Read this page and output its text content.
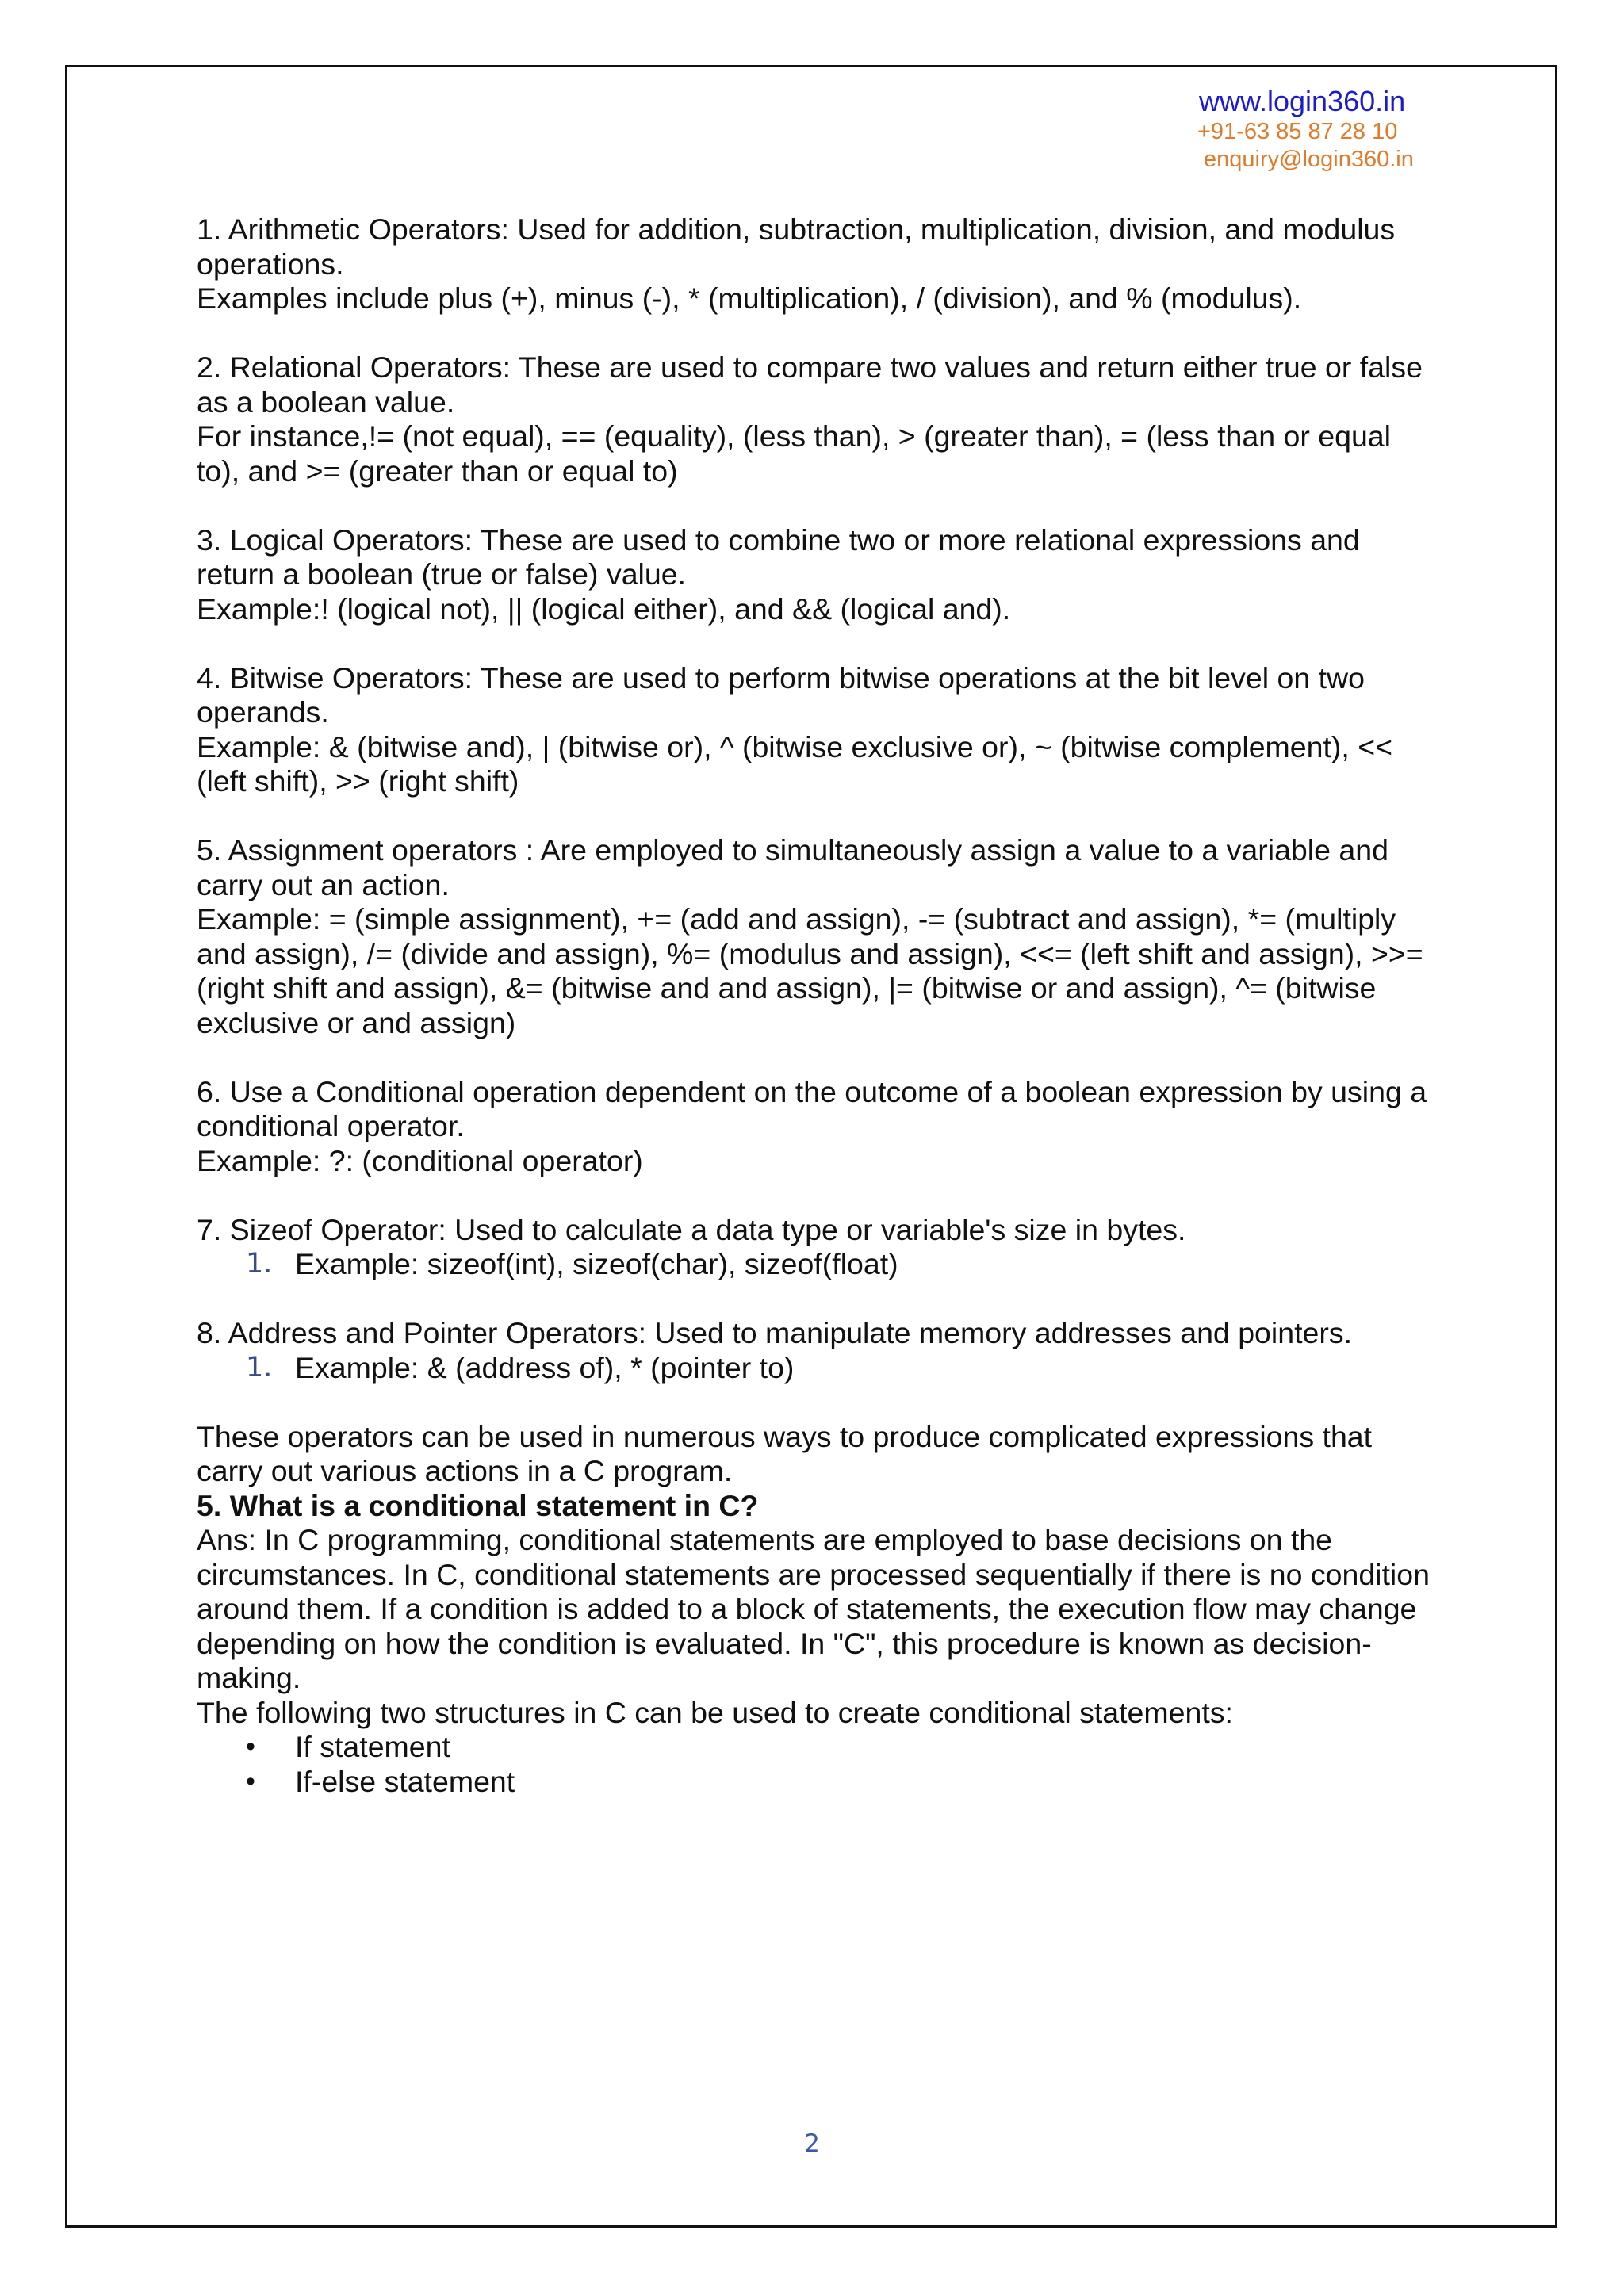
www.login360.in
+91-63 85 87 28 10
enquiry@login360.in

1. Arithmetic Operators: Used for addition, subtraction, multiplication, division, and modulus operations.

Examples include plus (+), minus (-), * (multiplication), / (division), and % (modulus).

2. Relational Operators: These are used to compare two values and return either true or false as a boolean value.

For instance,!= (not equal), == (equality), (less than), > (greater than), = (less than or equal to), and >= (greater than or equal to)

3. Logical Operators: These are used to combine two or more relational expressions and return a boolean (true or false) value.

Example:! (logical not), || (logical either), and && (logical and).

4. Bitwise Operators: These are used to perform bitwise operations at the bit level on two operands.

Example: & (bitwise and), | (bitwise or), ^ (bitwise exclusive or), ~ (bitwise complement), << (left shift), >> (right shift)

5. Assignment operators : Are employed to simultaneously assign a value to a variable and carry out an action.

Example: = (simple assignment), += (add and assign), -= (subtract and assign), *= (multiply and assign), /= (divide and assign), %= (modulus and assign), <<= (left shift and assign), >>= (right shift and assign), &= (bitwise and and assign), |= (bitwise or and assign), ^= (bitwise exclusive or and assign)

6. Use a Conditional operation dependent on the outcome of a boolean expression by using a conditional operator.

Example: ?: (conditional operator)

7. Sizeof Operator: Used to calculate a data type or variable's size in bytes.

1. Example: sizeof(int), sizeof(char), sizeof(float)

8. Address and Pointer Operators: Used to manipulate memory addresses and pointers.

1. Example: & (address of), * (pointer to)

These operators can be used in numerous ways to produce complicated expressions that carry out various actions in a C program.

5. What is a conditional statement in C?

Ans: In C programming, conditional statements are employed to base decisions on the circumstances. In C, conditional statements are processed sequentially if there is no condition around them. If a condition is added to a block of statements, the execution flow may change depending on how the condition is evaluated. In "C", this procedure is known as decision-making.

The following two structures in C can be used to create conditional statements:

•	If statement
•	If-else statement
2
